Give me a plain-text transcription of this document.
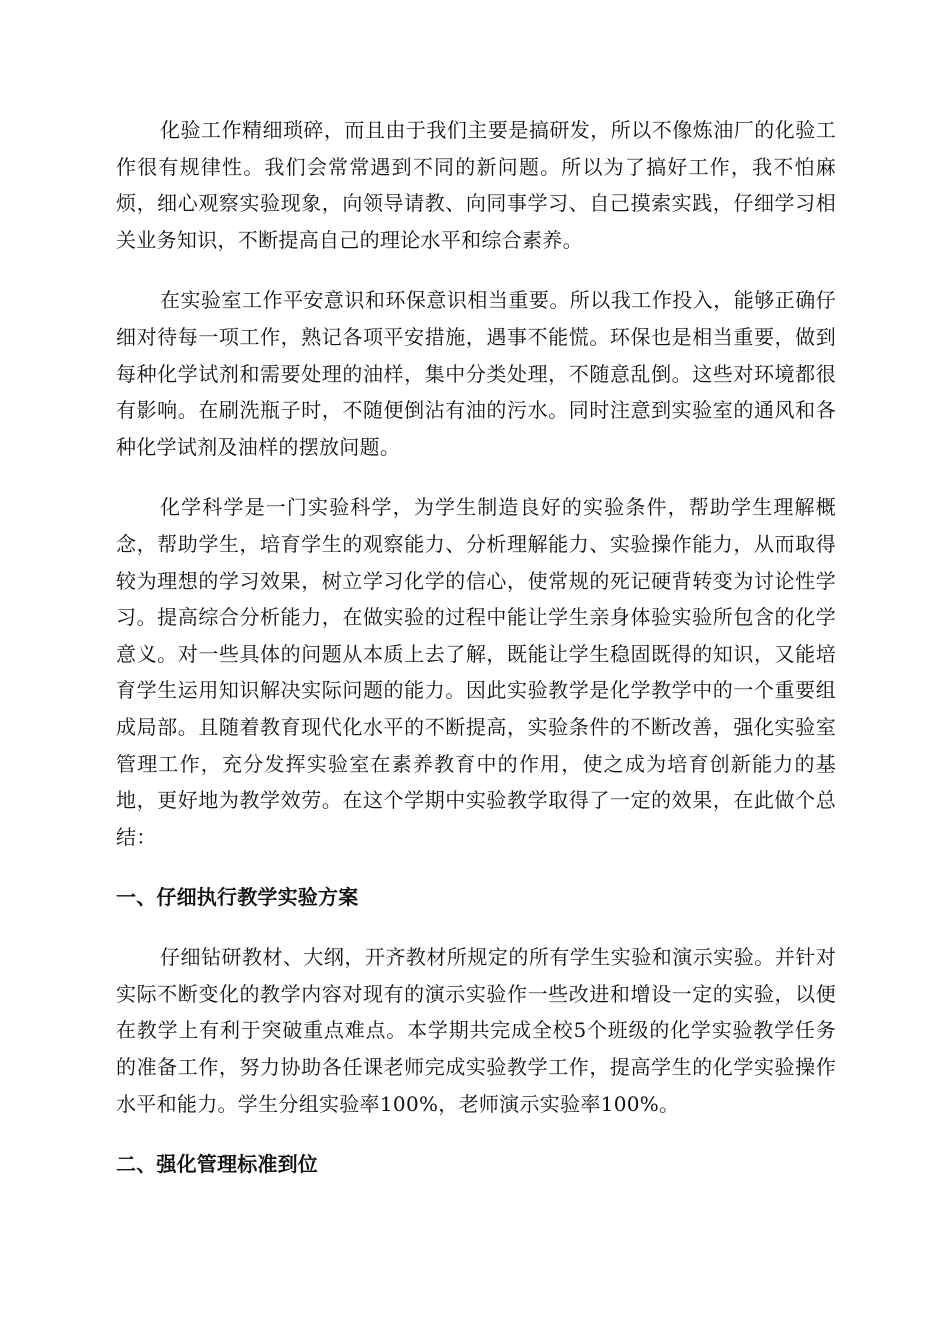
化验工作精细琐碎，而且由于我们主要是搞研发，所以不像炼油厂的化验工作很有规律性。我们会常常遇到不同的新问题。所以为了搞好工作，我不怕麻烦，细心观察实验现象，向领导请教、向同事学习、自己摸索实践，仔细学习相关业务知识，不断提高自己的理论水平和综合素养。

在实验室工作平安意识和环保意识相当重要。所以我工作投入，能够正确仔细对待每一项工作，熟记各项平安措施，遇事不能慌。环保也是相当重要，做到每种化学试剂和需要处理的油样，集中分类处理，不随意乱倒。这些对环境都很有影响。在刷洗瓶子时，不随便倒沾有油的污水。同时注意到实验室的通风和各种化学试剂及油样的摆放问题。

化学科学是一门实验科学，为学生制造良好的实验条件，帮助学生理解概念，帮助学生，培育学生的观察能力、分析理解能力、实验操作能力，从而取得较为理想的学习效果，树立学习化学的信心，使常规的死记硬背转变为讨论性学习。提高综合分析能力，在做实验的过程中能让学生亲身体验实验所包含的化学意义。对一些具体的问题从本质上去了解，既能让学生稳固既得的知识，又能培育学生运用知识解决实际问题的能力。因此实验教学是化学教学中的一个重要组成局部。且随着教育现代化水平的不断提高，实验条件的不断改善，强化实验室管理工作，充分发挥实验室在素养教育中的作用，使之成为培育创新能力的基地，更好地为教学效劳。在这个学期中实验教学取得了一定的效果，在此做个总结：

一、仔细执行教学实验方案

仔细钻研教材、大纲，开齐教材所规定的所有学生实验和演示实验。并针对实际不断变化的教学内容对现有的演示实验作一些改进和增设一定的实验，以便在教学上有利于突破重点难点。本学期共完成全校5个班级的化学实验教学任务的准备工作，努力协助各任课老师完成实验教学工作，提高学生的化学实验操作水平和能力。学生分组实验率100%，老师演示实验率100%。

二、强化管理标准到位
